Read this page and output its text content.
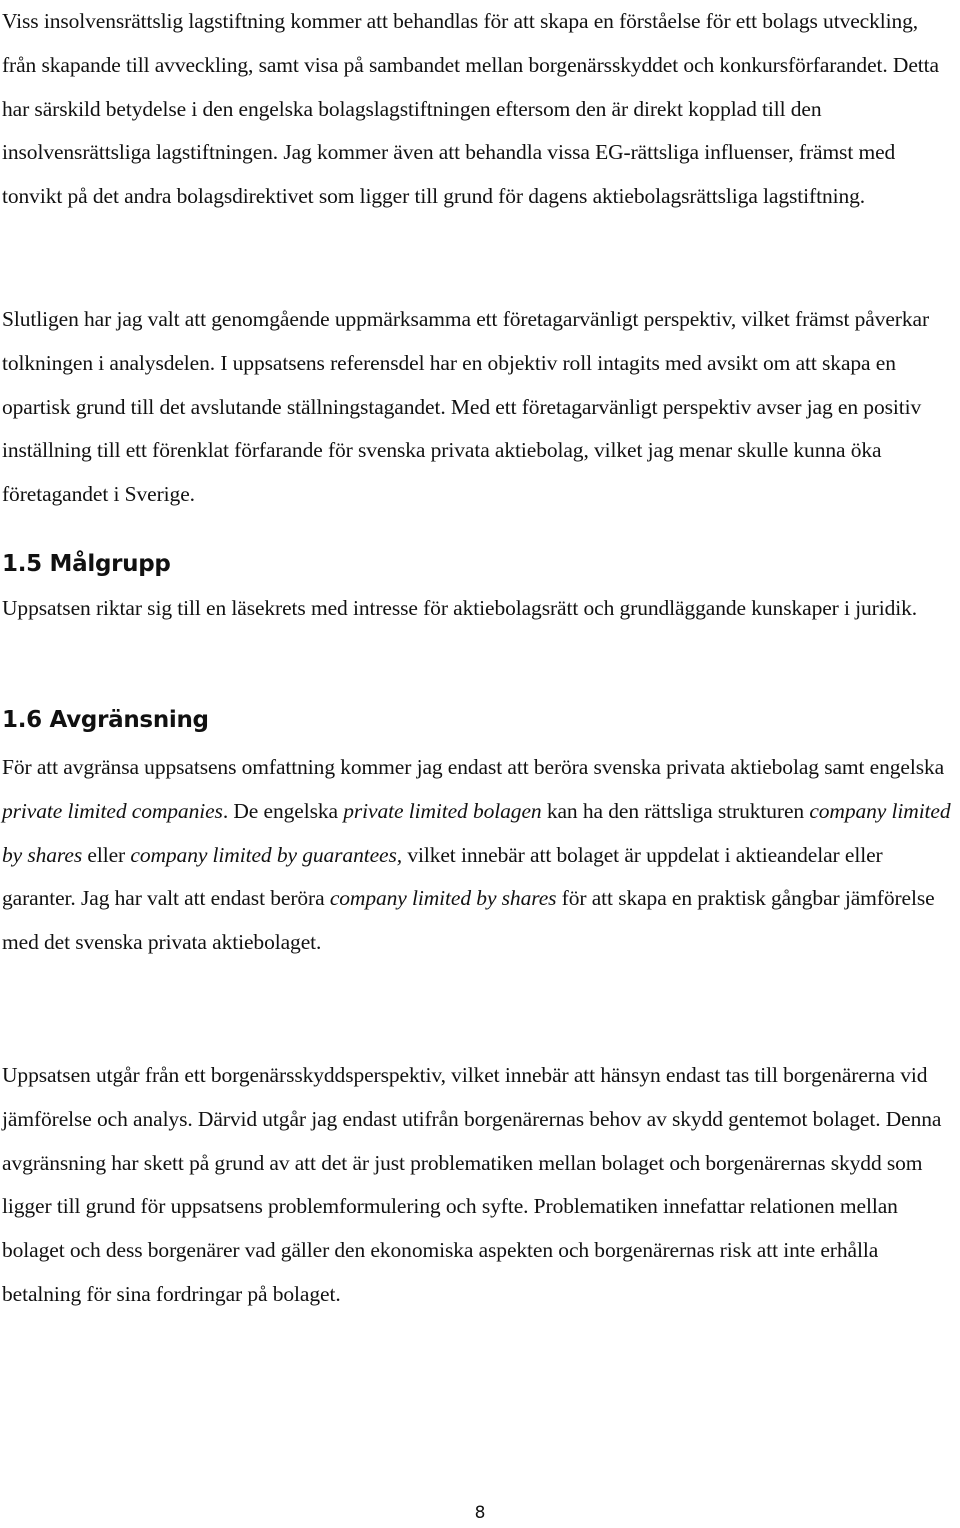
Viss insolvensrättslig lagstiftning kommer att behandlas för att skapa en förståelse för ett bolags utveckling, från skapande till avveckling, samt visa på sambandet mellan borgenärsskyddet och konkursförfarandet. Detta har särskild betydelse i den engelska bolagslagstiftningen eftersom den är direkt kopplad till den insolvensrättsliga lagstiftningen. Jag kommer även att behandla vissa EG-rättsliga influenser, främst med tonvikt på det andra bolagsdirektivet som ligger till grund för dagens aktiebolagsrättsliga lagstiftning.

Slutligen har jag valt att genomgående uppmärksamma ett företagarvänligt perspektiv, vilket främst påverkar tolkningen i analysdelen. I uppsatsens referensdel har en objektiv roll intagits med avsikt om att skapa en opartisk grund till det avslutande ställningstagandet. Med ett företagarvänligt perspektiv avser jag en positiv inställning till ett förenklat förfarande för svenska privata aktiebolag, vilket jag menar skulle kunna öka företagandet i Sverige.

1.5 Målgrupp

Uppsatsen riktar sig till en läsekrets med intresse för aktiebolagsrätt och grundläggande kunskaper i juridik.

1.6 Avgränsning

För att avgränsa uppsatsens omfattning kommer jag endast att beröra svenska privata aktiebolag samt engelska private limited companies. De engelska private limited bolagen kan ha den rättsliga strukturen company limited by shares eller company limited by guarantees, vilket innebär att bolaget är uppdelat i aktieandelar eller garanter. Jag har valt att endast beröra company limited by shares för att skapa en praktisk gångbar jämförelse med det svenska privata aktiebolaget.

Uppsatsen utgår från ett borgenärsskyddsperspektiv, vilket innebär att hänsyn endast tas till borgenärerna vid jämförelse och analys. Därvid utgår jag endast utifrån borgenärernas behov av skydd gentemot bolaget. Denna avgränsning har skett på grund av att det är just problematiken mellan bolaget och borgenärernas skydd som ligger till grund för uppsatsens problemformulering och syfte. Problematiken innefattar relationen mellan bolaget och dess borgenärer vad gäller den ekonomiska aspekten och borgenärernas risk att inte erhålla betalning för sina fordringar på bolaget.

8
